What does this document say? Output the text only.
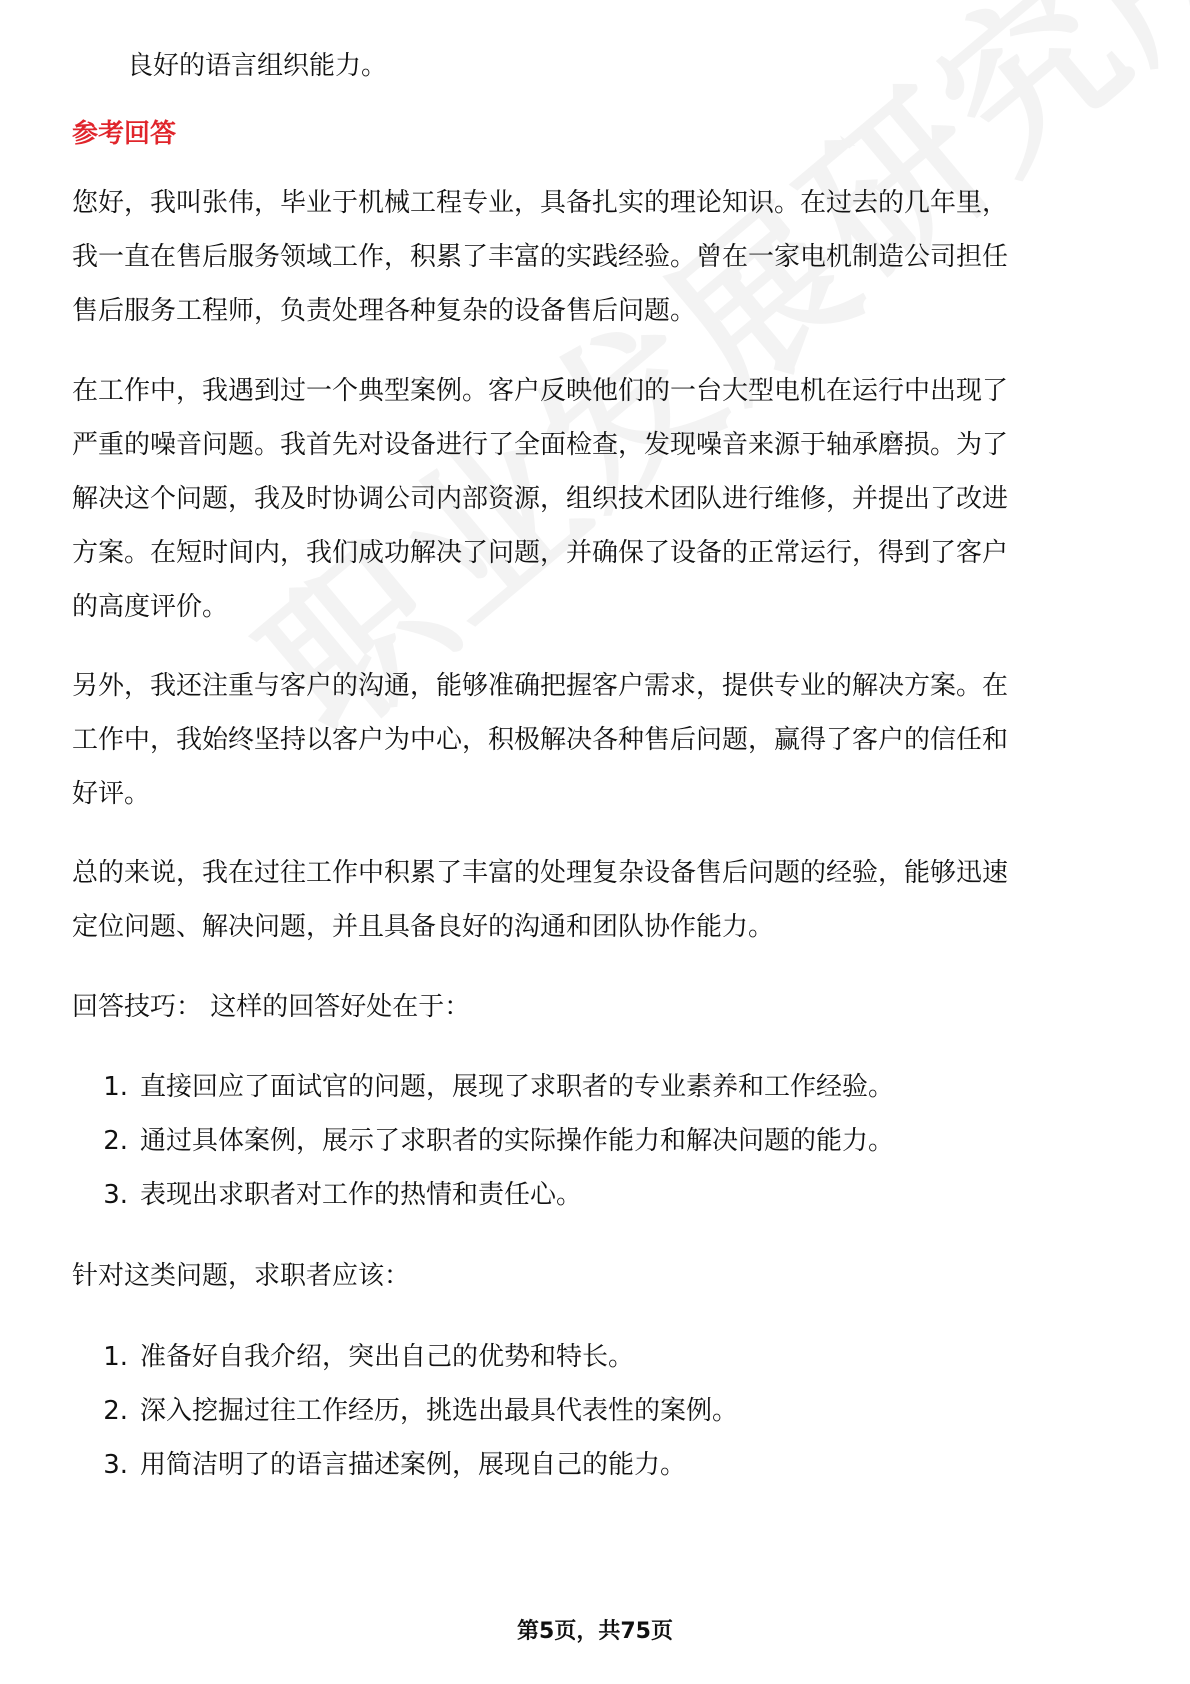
良好的语言组织能力。
参考回答
您好，我叫张伟，毕业于机械工程专业，具备扎实的理论知识。在过去的几年里，
我一直在售后服务领域工作，积累了丰富的实践经验。曾在一家电机制造公司担任
售后服务工程师，负责处理各种复杂的设备售后问题。
在工作中，我遇到过一个典型案例。客户反映他们的一台大型电机在运行中出现了
严重的噪音问题。我首先对设备进行了全面检查，发现噪音来源于轴承磨损。为了
解决这个问题，我及时协调公司内部资源，组织技术团队进行维修，并提出了改进
方案。在短时间内，我们成功解决了问题，并确保了设备的正常运行，得到了客户
的高度评价。
另外，我还注重与客户的沟通，能够准确把握客户需求，提供专业的解决方案。在
工作中，我始终坚持以客户为中心，积极解决各种售后问题，赢得了客户的信任和
好评。
总的来说，我在过往工作中积累了丰富的处理复杂设备售后问题的经验，能够迅速
定位问题、解决问题，并且具备良好的沟通和团队协作能力。
回答技巧： 这样的回答好处在于：
1. 直接回应了面试官的问题，展现了求职者的专业素养和工作经验。
2. 通过具体案例，展示了求职者的实际操作能力和解决问题的能力。
3. 表现出求职者对工作的热情和责任心。
针对这类问题，求职者应该：
1. 准备好自我介绍，突出自己的优势和特长。
2. 深入挖掘过往工作经历，挑选出最具代表性的案例。
3. 用简洁明了的语言描述案例，展现自己的能力。
第5页，共75页
